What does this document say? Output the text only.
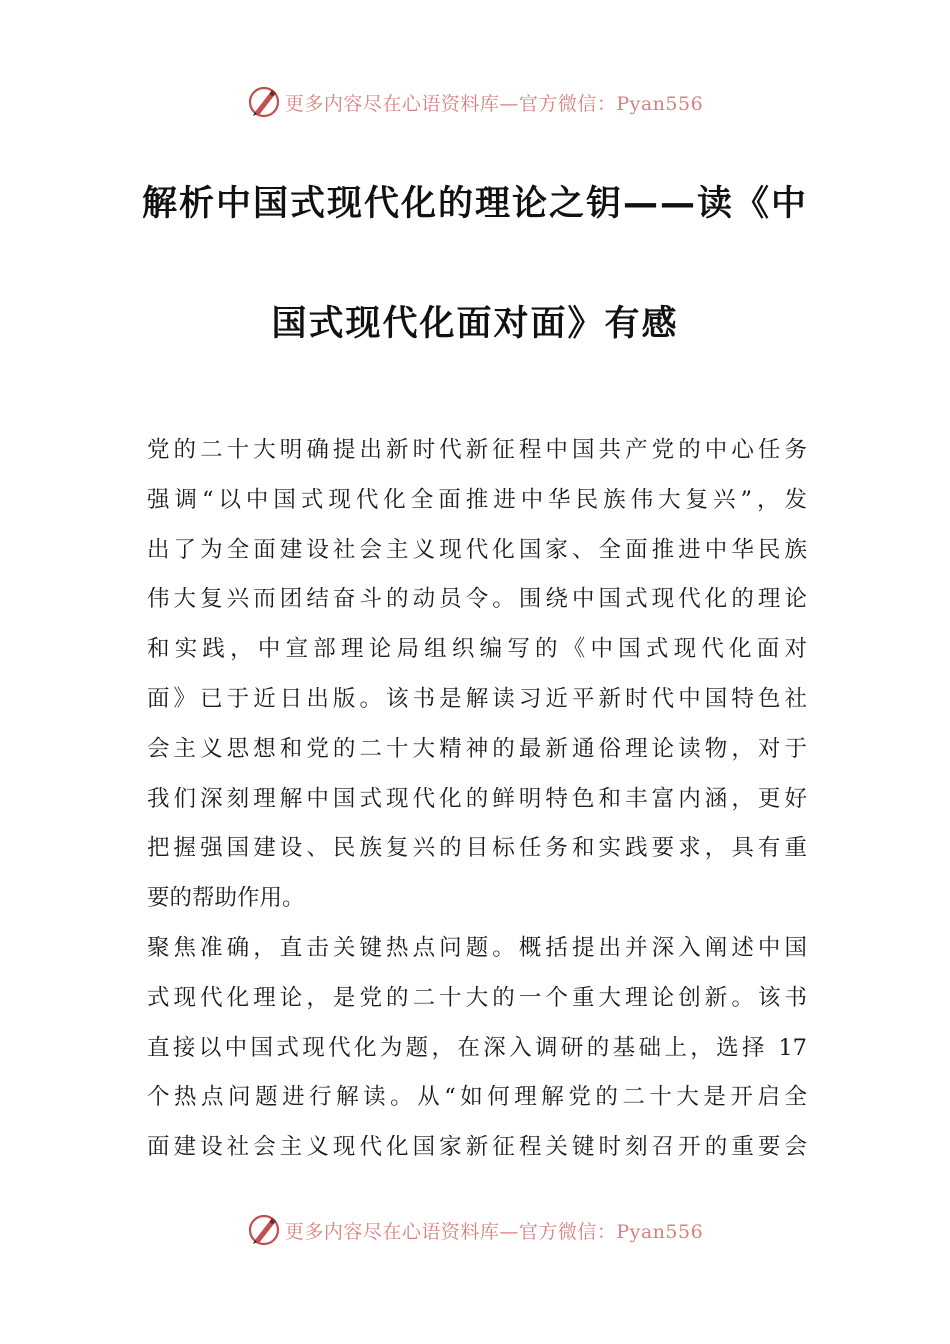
更多内容尽在心语资料库—官方微信：Pyan556
解析中国式现代化的理论之钥——读《中
国式现代化面对面》有感
党的二十大明确提出新时代新征程中国共产党的中心任务
强调“以中国式现代化全面推进中华民族伟大复兴”，发
出了为全面建设社会主义现代化国家、全面推进中华民族
伟大复兴而团结奋斗的动员令。围绕中国式现代化的理论
和实践，中宣部理论局组织编写的《中国式现代化面对
面》已于近日出版。该书是解读习近平新时代中国特色社
会主义思想和党的二十大精神的最新通俗理论读物，对于
我们深刻理解中国式现代化的鲜明特色和丰富内涵，更好
把握强国建设、民族复兴的目标任务和实践要求，具有重
要的帮助作用。
聚焦准确，直击关键热点问题。概括提出并深入阐述中国
式现代化理论，是党的二十大的一个重大理论创新。该书
直接以中国式现代化为题，在深入调研的基础上，选择 17
个热点问题进行解读。从“如何理解党的二十大是开启全
面建设社会主义现代化国家新征程关键时刻召开的重要会
更多内容尽在心语资料库—官方微信：Pyan556
